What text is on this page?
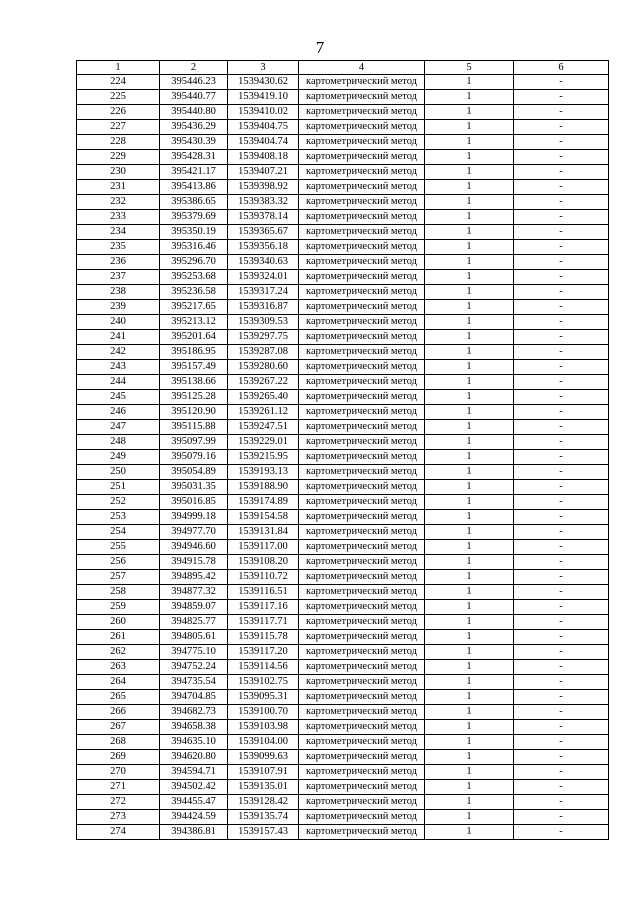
7
1	2	3	4	5	6
224	395446.23	1539430.62	картометрический метод	1	-
225	395440.77	1539419.10	картометрический метод	1	-
226	395440.80	1539410.02	картометрический метод	1	-
227	395436.29	1539404.75	картометрический метод	1	-
228	395430.39	1539404.74	картометрический метод	1	-
229	395428.31	1539408.18	картометрический метод	1	-
230	395421.17	1539407.21	картометрический метод	1	-
231	395413.86	1539398.92	картометрический метод	1	-
232	395386.65	1539383.32	картометрический метод	1	-
233	395379.69	1539378.14	картометрический метод	1	-
234	395350.19	1539365.67	картометрический метод	1	-
235	395316.46	1539356.18	картометрический метод	1	-
236	395296.70	1539340.63	картометрический метод	1	-
237	395253.68	1539324.01	картометрический метод	1	-
238	395236.58	1539317.24	картометрический метод	1	-
239	395217.65	1539316.87	картометрический метод	1	-
240	395213.12	1539309.53	картометрический метод	1	-
241	395201.64	1539297.75	картометрический метод	1	-
242	395186.95	1539287.08	картометрический метод	1	-
243	395157.49	1539280.60	картометрический метод	1	-
244	395138.66	1539267.22	картометрический метод	1	-
245	395125.28	1539265.40	картометрический метод	1	-
246	395120.90	1539261.12	картометрический метод	1	-
247	395115.88	1539247.51	картометрический метод	1	-
248	395097.99	1539229.01	картометрический метод	1	-
249	395079.16	1539215.95	картометрический метод	1	-
250	395054.89	1539193.13	картометрический метод	1	-
251	395031.35	1539188.90	картометрический метод	1	-
252	395016.85	1539174.89	картометрический метод	1	-
253	394999.18	1539154.58	картометрический метод	1	-
254	394977.70	1539131.84	картометрический метод	1	-
255	394946.60	1539117.00	картометрический метод	1	-
256	394915.78	1539108.20	картометрический метод	1	-
257	394895.42	1539110.72	картометрический метод	1	-
258	394877.32	1539116.51	картометрический метод	1	-
259	394859.07	1539117.16	картометрический метод	1	-
260	394825.77	1539117.71	картометрический метод	1	-
261	394805.61	1539115.78	картометрический метод	1	-
262	394775.10	1539117.20	картометрический метод	1	-
263	394752.24	1539114.56	картометрический метод	1	-
264	394735.54	1539102.75	картометрический метод	1	-
265	394704.85	1539095.31	картометрический метод	1	-
266	394682.73	1539100.70	картометрический метод	1	-
267	394658.38	1539103.98	картометрический метод	1	-
268	394635.10	1539104.00	картометрический метод	1	-
269	394620.80	1539099.63	картометрический метод	1	-
270	394594.71	1539107.91	картометрический метод	1	-
271	394502.42	1539135.01	картометрический метод	1	-
272	394455.47	1539128.42	картометрический метод	1	-
273	394424.59	1539135.74	картометрический метод	1	-
274	394386.81	1539157.43	картометрический метод	1	-
